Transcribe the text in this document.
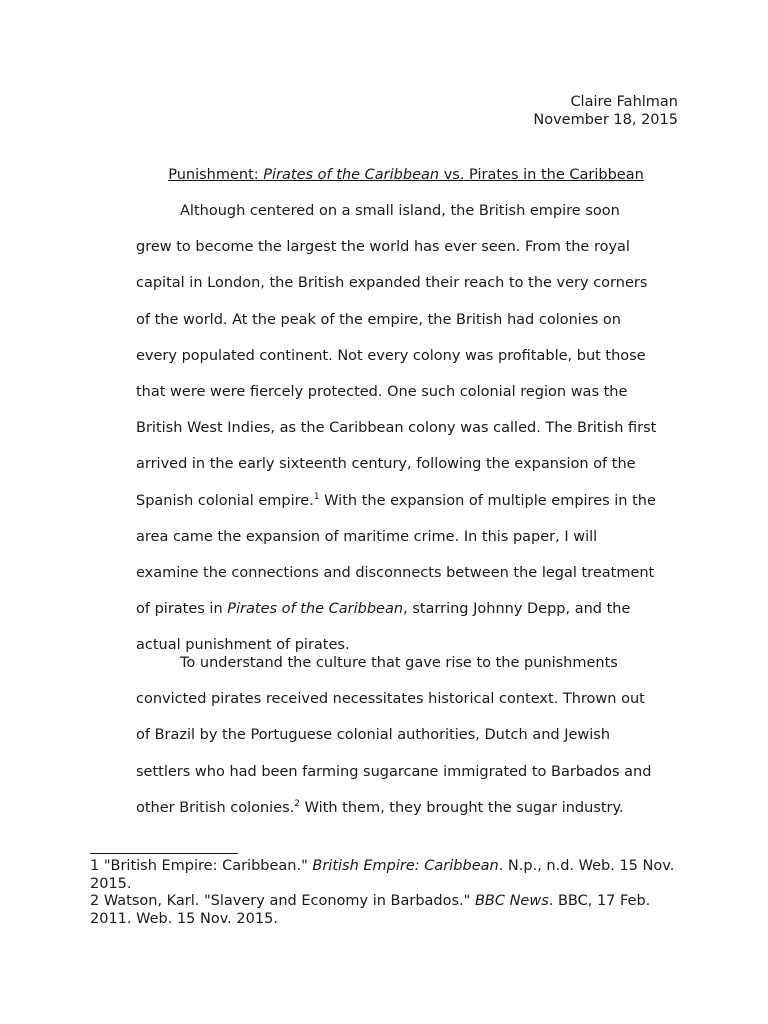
Claire Fahlman
November 18, 2015
Punishment: Pirates of the Caribbean vs. Pirates in the Caribbean
Although centered on a small island, the British empire soon
grew to become the largest the world has ever seen. From the royal
capital in London, the British expanded their reach to the very corners
of the world. At the peak of the empire, the British had colonies on
every populated continent. Not every colony was profitable, but those
that were were fiercely protected. One such colonial region was the
British West Indies, as the Caribbean colony was called. The British first
arrived in the early sixteenth century, following the expansion of the
Spanish colonial empire.$^1$ With the expansion of multiple empires in the
area came the expansion of maritime crime. In this paper, I will
examine the connections and disconnects between the legal treatment
of pirates in Pirates of the Caribbean, starring Johnny Depp, and the
actual punishment of pirates.
To understand the culture that gave rise to the punishments
convicted pirates received necessitates historical context. Thrown out
of Brazil by the Portuguese colonial authorities, Dutch and Jewish
settlers who had been farming sugarcane immigrated to Barbados and
other British colonies.$^2$ With them, they brought the sugar industry.
1 "British Empire: Caribbean." British Empire: Caribbean. N.p., n.d. Web. 15 Nov. 2015.
2 Watson, Karl. "Slavery and Economy in Barbados." BBC News. BBC, 17 Feb. 2011. Web. 15 Nov. 2015.
